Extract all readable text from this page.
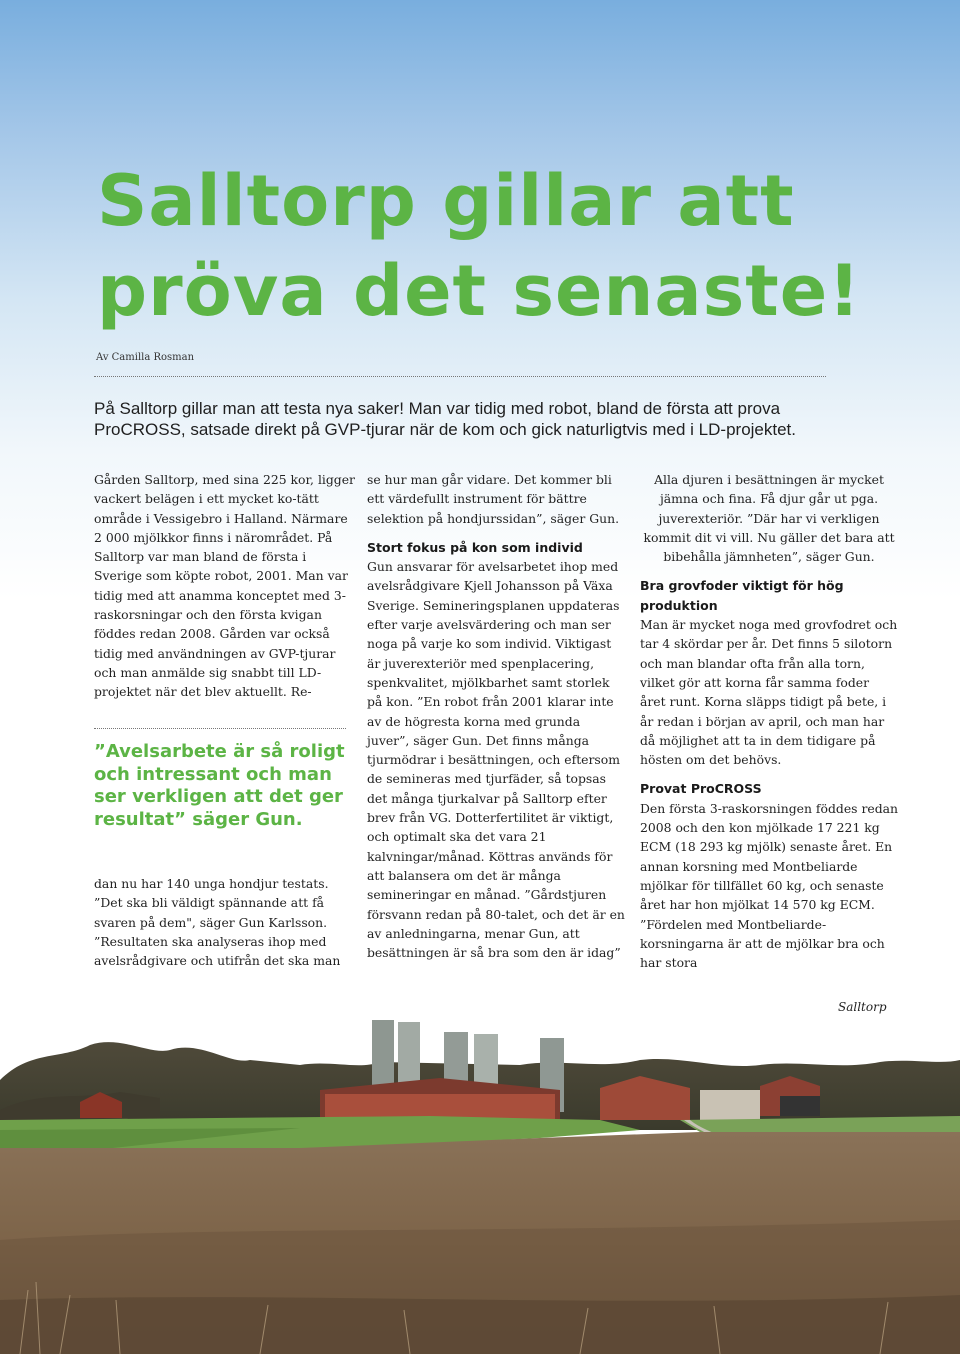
Salltorp gillar att pröva det senaste!
Av Camilla Rosman
På Salltorp gillar man att testa nya saker! Man var tidig med robot, bland de första att prova ProCROSS, satsade direkt på GVP-tjurar när de kom och gick naturligtvis med i LD-projektet.

Gården Salltorp, med sina 225 kor, ligger vackert belägen i ett mycket ko-tätt område i Vessigebro i Halland. Närmare 2 000 mjölkkor finns i närområdet. På Salltorp var man bland de första i Sverige som köpte robot, 2001. Man var tidig med att anamma konceptet med 3-raskorsningar och den första kvigan föddes redan 2008. Gården var också tidig med användningen av GVP-tjurar och man anmälde sig snabbt till LD-projektet när det blev aktuellt. Re-

”Avelsarbete är så roligt och intressant och man ser verkligen att det ger resultat” säger Gun.

dan nu har 140 unga hondjur testats. ”Det ska bli väldigt spännande att få svaren på dem", säger Gun Karlsson. ”Resultaten ska analyseras ihop med avelsrådgivare och utifrån det ska man

se hur man går vidare. Det kommer bli ett värdefullt instrument för bättre selektion på hondjurssidan”, säger Gun.

Stort fokus på kon som individ

Gun ansvarar för avelsarbetet ihop med avelsrådgivare Kjell Johansson på Växa Sverige. Semineringsplanen uppdateras efter varje avelsvärdering och man ser noga på varje ko som individ. Viktigast är juverexteriör med spenplacering, spenkvalitet, mjölkbarhet samt storlek på kon. ”En robot från 2001 klarar inte av de högresta korna med grunda juver”, säger Gun. Det finns många tjurmödrar i besättningen, och eftersom de semineras med tjurfäder, så topsas det många tjurkalvar på Salltorp efter brev från VG. Dotterfertilitet är viktigt, och optimalt ska det vara 21 kalvningar/månad. Köttras används för att balansera om det är många semineringar en månad. ”Gårdstjuren försvann redan på 80-talet, och det är en av anledningarna, menar Gun, att besättningen är så bra som den är idag”

Alla djuren i besättningen är mycket jämna och fina. Få djur går ut pga. juverexteriör. ”Där har vi verkligen kommit dit vi vill. Nu gäller det bara att bibehålla jämnheten”, säger Gun.

Bra grovfoder viktigt för hög produktion

Man är mycket noga med grovfodret och tar 4 skördar per år. Det finns 5 silotorn och man blandar ofta från alla torn, vilket gör att korna får samma foder året runt. Korna släpps tidigt på bete, i år redan i början av april, och man har då möjlighet att ta in dem tidigare på hösten om det behövs.

Provat ProCROSS

Den första 3-raskorsningen föddes redan 2008 och den kon mjölkade 17 221 kg ECM (18 293 kg mjölk) senaste året. En annan korsning med Montbeliarde mjölkar för tillfället 60 kg, och senaste året har hon mjölkat 14 570 kg ECM. ”Fördelen med Montbeliarde-korsningarna är att de mjölkar bra och har stora

Salltorp
